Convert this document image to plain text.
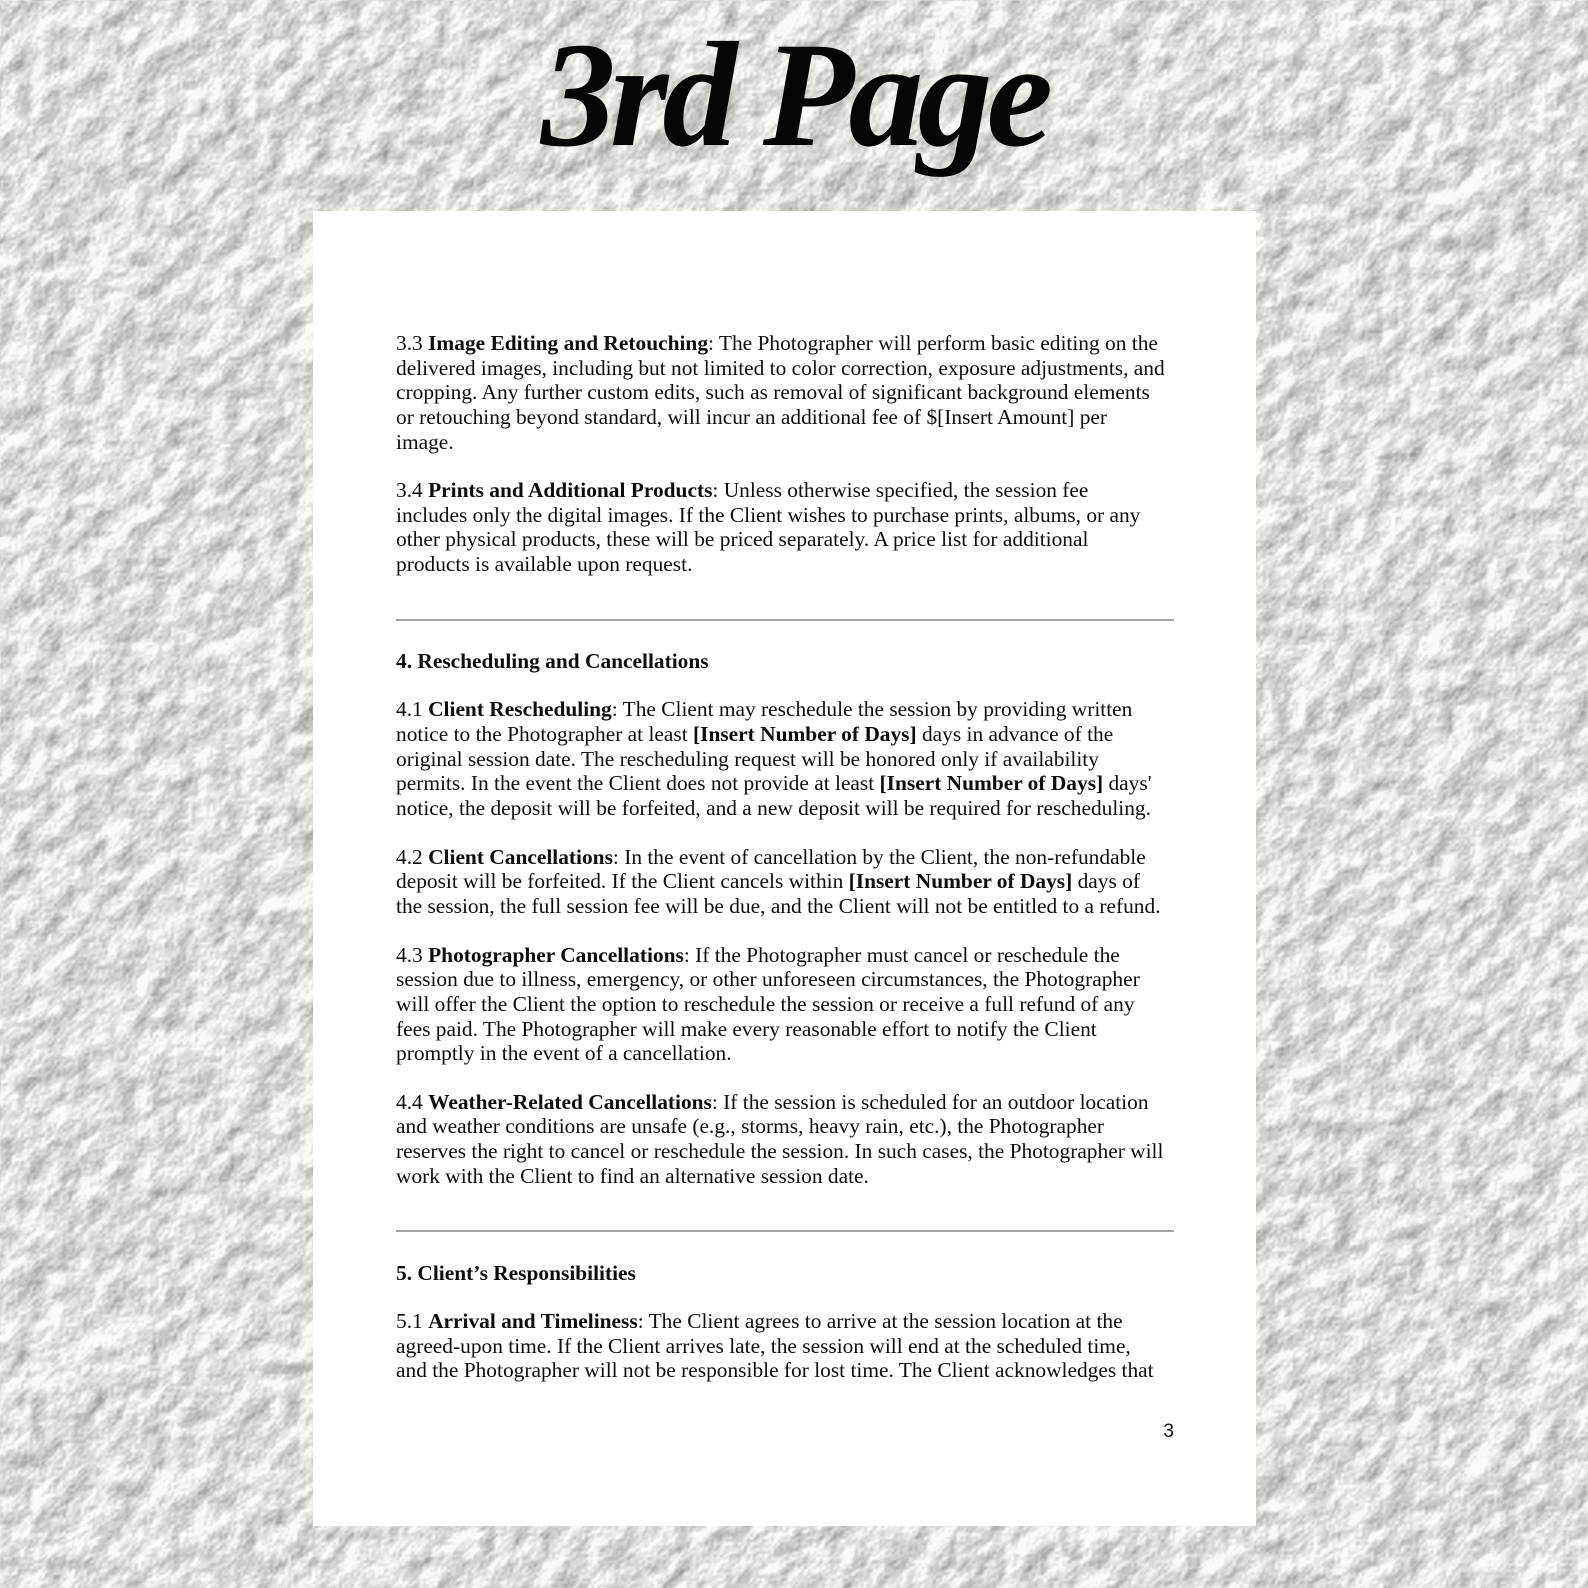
3rd Page
3.3 Image Editing and Retouching: The Photographer will perform basic editing on the
delivered images, including but not limited to color correction, exposure adjustments, and
cropping. Any further custom edits, such as removal of significant background elements
or retouching beyond standard, will incur an additional fee of $[Insert Amount] per
image.
3.4 Prints and Additional Products: Unless otherwise specified, the session fee
includes only the digital images. If the Client wishes to purchase prints, albums, or any
other physical products, these will be priced separately. A price list for additional
products is available upon request.
4. Rescheduling and Cancellations
4.1 Client Rescheduling: The Client may reschedule the session by providing written
notice to the Photographer at least [Insert Number of Days] days in advance of the
original session date. The rescheduling request will be honored only if availability
permits. In the event the Client does not provide at least [Insert Number of Days] days'
notice, the deposit will be forfeited, and a new deposit will be required for rescheduling.
4.2 Client Cancellations: In the event of cancellation by the Client, the non-refundable
deposit will be forfeited. If the Client cancels within [Insert Number of Days] days of
the session, the full session fee will be due, and the Client will not be entitled to a refund.
4.3 Photographer Cancellations: If the Photographer must cancel or reschedule the
session due to illness, emergency, or other unforeseen circumstances, the Photographer
will offer the Client the option to reschedule the session or receive a full refund of any
fees paid. The Photographer will make every reasonable effort to notify the Client
promptly in the event of a cancellation.
4.4 Weather-Related Cancellations: If the session is scheduled for an outdoor location
and weather conditions are unsafe (e.g., storms, heavy rain, etc.), the Photographer
reserves the right to cancel or reschedule the session. In such cases, the Photographer will
work with the Client to find an alternative session date.
5. Client’s Responsibilities
5.1 Arrival and Timeliness: The Client agrees to arrive at the session location at the
agreed-upon time. If the Client arrives late, the session will end at the scheduled time,
and the Photographer will not be responsible for lost time. The Client acknowledges that
3
